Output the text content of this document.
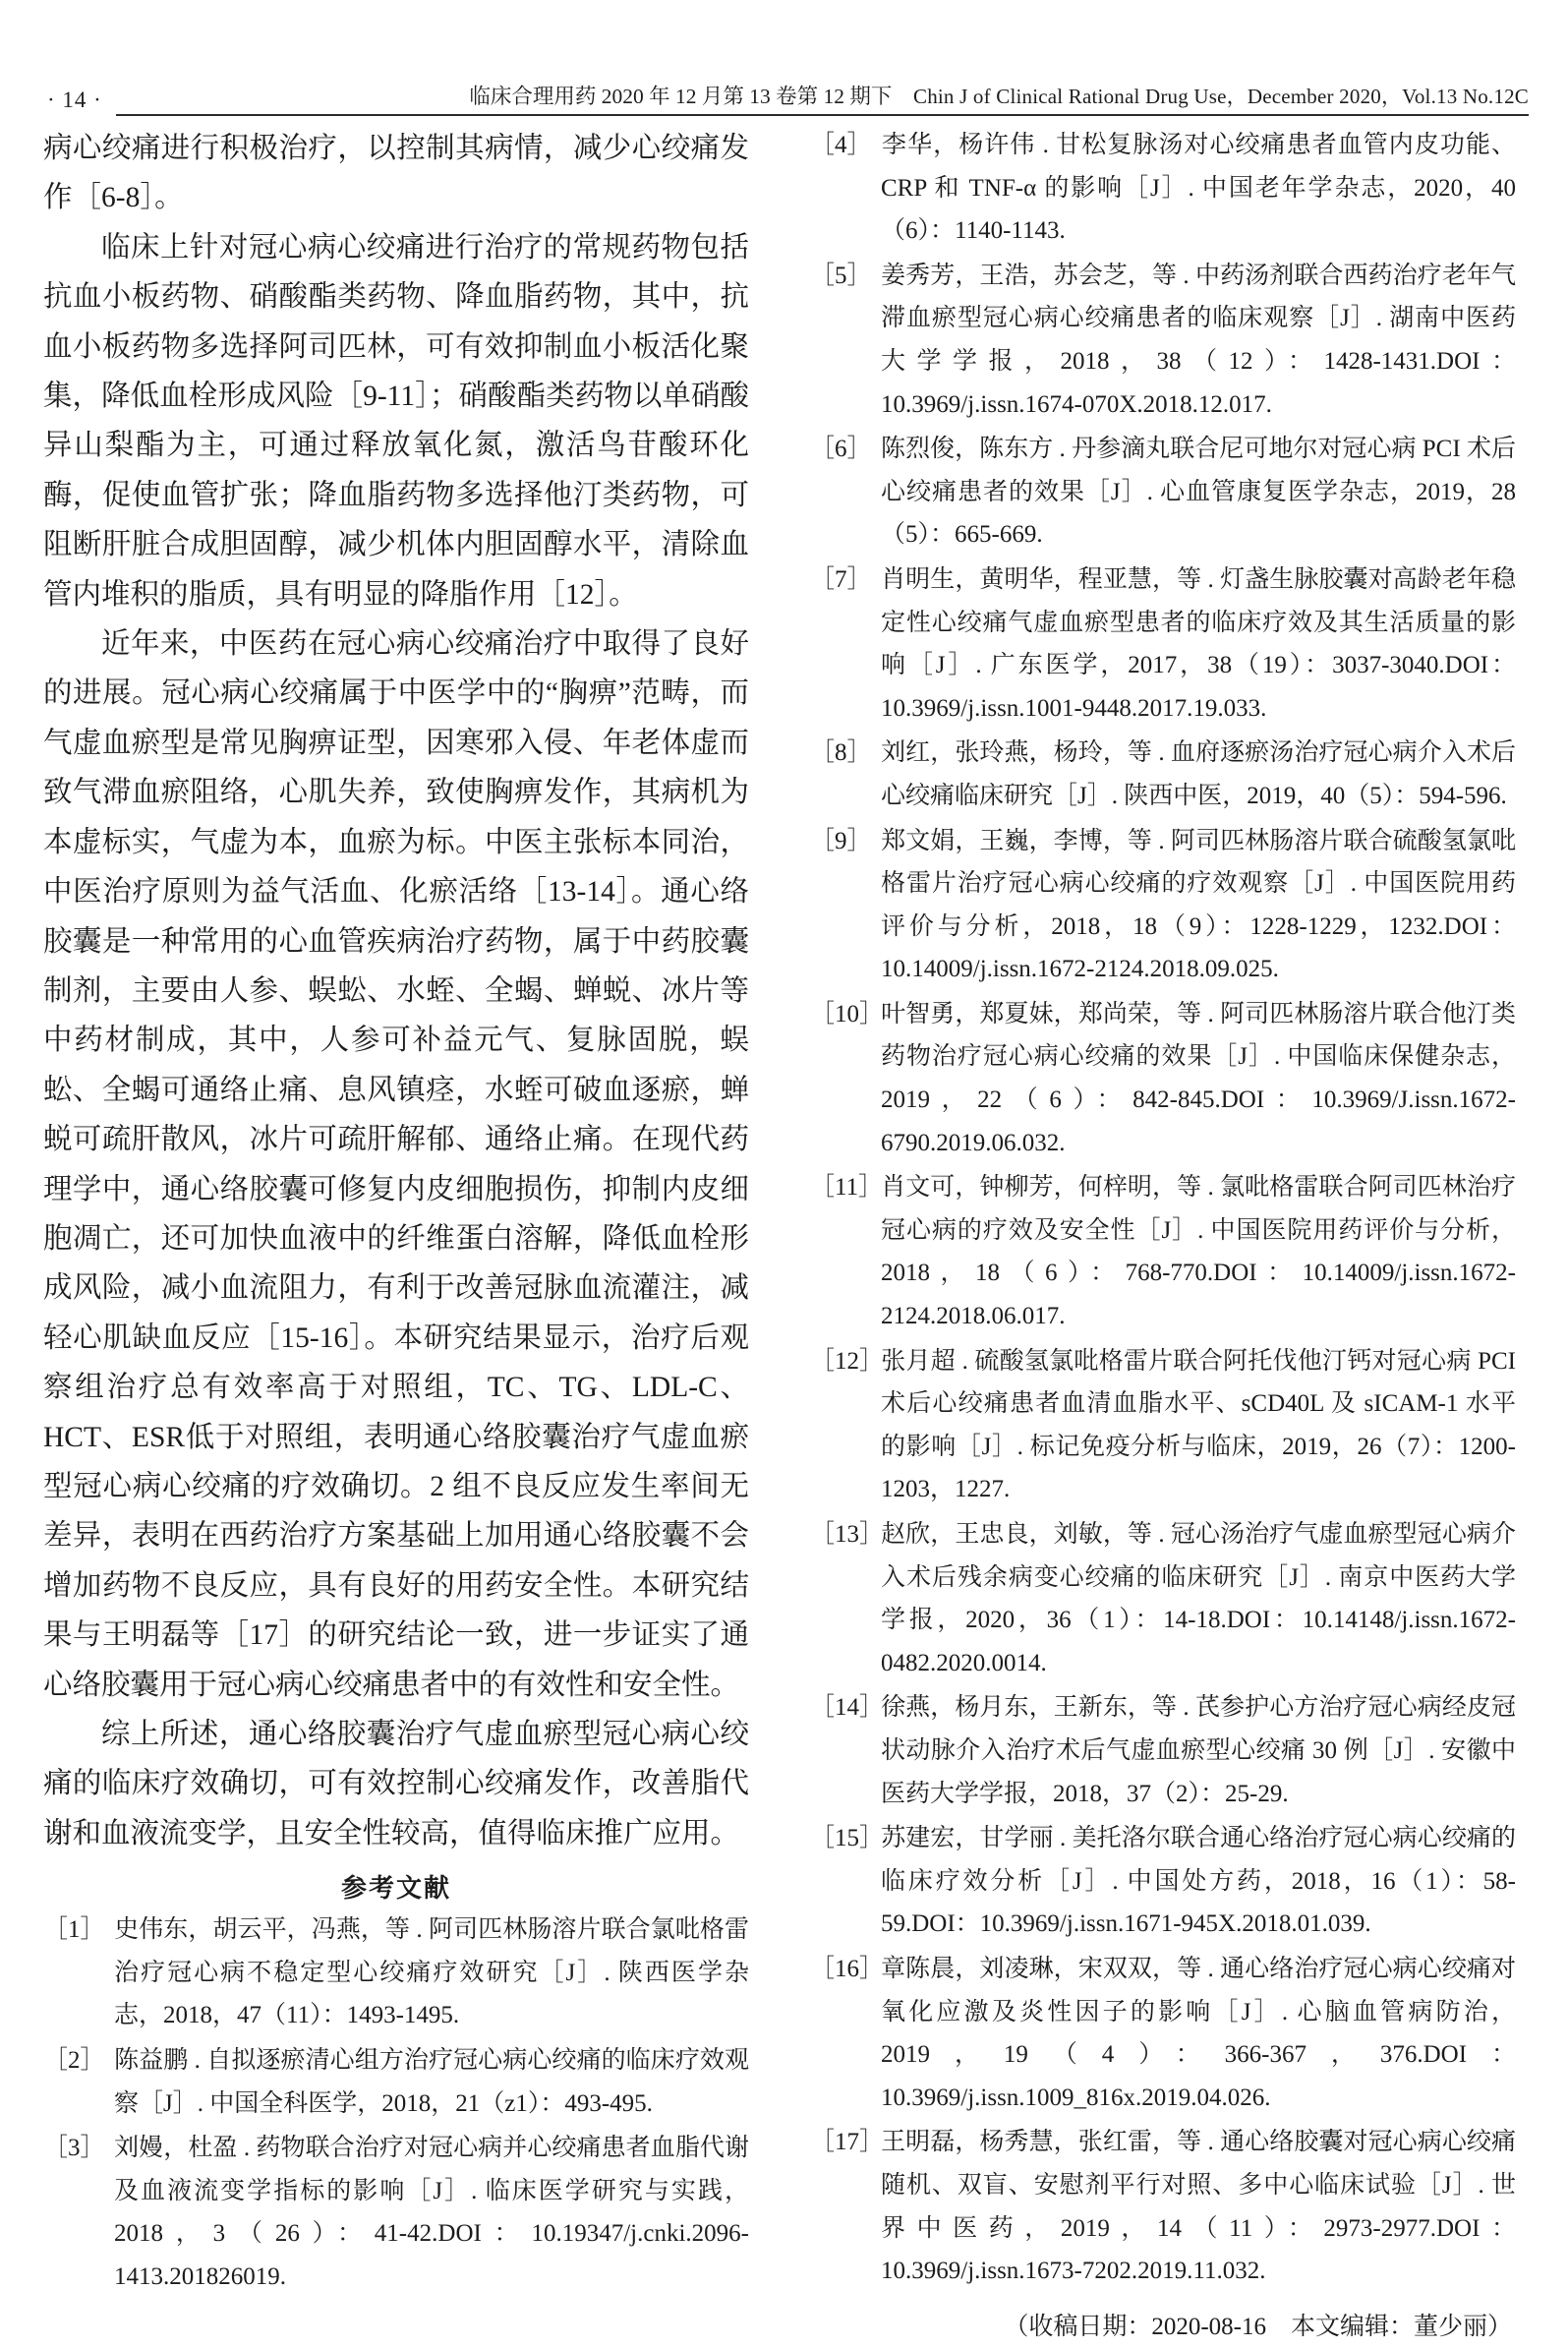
· 14 ·	临床合理用药 2020 年 12 月第 13 卷第 12 期下 Chin J of Clinical Rational Drug Use，December 2020，Vol.13 No.12C

病心绞痛进行积极治疗，以控制其病情，减少心绞痛发作［6-8］。

临床上针对冠心病心绞痛进行治疗的常规药物包括抗血小板药物、硝酸酯类药物、降血脂药物，其中，抗血小板药物多选择阿司匹林，可有效抑制血小板活化聚集，降低血栓形成风险［9-11］；硝酸酯类药物以单硝酸异山梨酯为主，可通过释放氧化氮，激活鸟苷酸环化酶，促使血管扩张；降血脂药物多选择他汀类药物，可阻断肝脏合成胆固醇，减少机体内胆固醇水平，清除血管内堆积的脂质，具有明显的降脂作用［12］。

近年来，中医药在冠心病心绞痛治疗中取得了良好的进展。冠心病心绞痛属于中医学中的“胸痹”范畴，而气虚血瘀型是常见胸痹证型，因寒邪入侵、年老体虚而致气滞血瘀阻络，心肌失养，致使胸痹发作，其病机为本虚标实，气虚为本，血瘀为标。中医主张标本同治，中医治疗原则为益气活血、化瘀活络［13-14］。通心络胶囊是一种常用的心血管疾病治疗药物，属于中药胶囊制剂，主要由人参、蜈蚣、水蛭、全蝎、蝉蜕、冰片等中药材制成，其中，人参可补益元气、复脉固脱，蜈蚣、全蝎可通络止痛、息风镇痉，水蛭可破血逐瘀，蝉蜕可疏肝散风，冰片可疏肝解郁、通络止痛。在现代药理学中，通心络胶囊可修复内皮细胞损伤，抑制内皮细胞凋亡，还可加快血液中的纤维蛋白溶解，降低血栓形成风险，减小血流阻力，有利于改善冠脉血流灌注，减轻心肌缺血反应［15-16］。本研究结果显示，治疗后观察组治疗总有效率高于对照组，TC、TG、LDL-C、HCT、ESR低于对照组，表明通心络胶囊治疗气虚血瘀型冠心病心绞痛的疗效确切。2 组不良反应发生率间无差异，表明在西药治疗方案基础上加用通心络胶囊不会增加药物不良反应，具有良好的用药安全性。本研究结果与王明磊等［17］的研究结论一致，进一步证实了通心络胶囊用于冠心病心绞痛患者中的有效性和安全性。

综上所述，通心络胶囊治疗气虚血瘀型冠心病心绞痛的临床疗效确切，可有效控制心绞痛发作，改善脂代谢和血液流变学，且安全性较高，值得临床推广应用。

参考文献
［1］ 史伟东，胡云平，冯燕，等 . 阿司匹林肠溶片联合氯吡格雷治疗冠心病不稳定型心绞痛疗效研究［J］. 陕西医学杂志，2018，47（11）：1493-1495.
［2］ 陈益鹏 . 自拟逐瘀清心组方治疗冠心病心绞痛的临床疗效观察［J］. 中国全科医学，2018，21（z1）：493-495.
［3］ 刘嫚，杜盈 . 药物联合治疗对冠心病并心绞痛患者血脂代谢及血液流变学指标的影响［J］. 临床医学研究与实践，2018，3（26）：41-42.DOI：10.19347/j.cnki.2096-1413.201826019.
［4］ 李华，杨许伟 . 甘松复脉汤对心绞痛患者血管内皮功能、CRP 和 TNF-α 的影响［J］. 中国老年学杂志，2020，40（6）：1140-1143.
［5］ 姜秀芳，王浩，苏会芝，等 . 中药汤剂联合西药治疗老年气滞血瘀型冠心病心绞痛患者的临床观察［J］. 湖南中医药大学学报，2018，38（12）：1428-1431.DOI：10.3969/j.issn.1674-070X.2018.12.017.
［6］ 陈烈俊，陈东方 . 丹参滴丸联合尼可地尔对冠心病 PCI 术后心绞痛患者的效果［J］. 心血管康复医学杂志，2019，28（5）：665-669.
［7］ 肖明生，黄明华，程亚慧，等 . 灯盏生脉胶囊对高龄老年稳定性心绞痛气虚血瘀型患者的临床疗效及其生活质量的影响［J］. 广东医学，2017，38（19）：3037-3040.DOI：10.3969/j.issn.1001-9448.2017.19.033.
［8］ 刘红，张玲燕，杨玲，等 . 血府逐瘀汤治疗冠心病介入术后心绞痛临床研究［J］. 陕西中医，2019，40（5）：594-596.
［9］ 郑文娟，王巍，李博，等 . 阿司匹林肠溶片联合硫酸氢氯吡格雷片治疗冠心病心绞痛的疗效观察［J］. 中国医院用药评价与分析，2018，18（9）：1228-1229，1232.DOI：10.14009/j.issn.1672-2124.2018.09.025.
［10］叶智勇，郑夏妹，郑尚荣，等 . 阿司匹林肠溶片联合他汀类药物治疗冠心病心绞痛的效果［J］. 中国临床保健杂志，2019，22（6）：842-845.DOI：10.3969/J.issn.1672-6790.2019.06.032.
［11］肖文可，钟柳芳，何梓明，等 . 氯吡格雷联合阿司匹林治疗冠心病的疗效及安全性［J］. 中国医院用药评价与分析，2018，18（6）：768-770.DOI：10.14009/j.issn.1672-2124.2018.06.017.
［12］张月超 . 硫酸氢氯吡格雷片联合阿托伐他汀钙对冠心病 PCI 术后心绞痛患者血清血脂水平、sCD40L 及 sICAM-1 水平的影响［J］. 标记免疫分析与临床，2019，26（7）：1200-1203，1227.
［13］赵欣，王忠良，刘敏，等 . 冠心汤治疗气虚血瘀型冠心病介入术后残余病变心绞痛的临床研究［J］. 南京中医药大学学报，2020，36（1）：14-18.DOI：10.14148/j.issn.1672-0482.2020.0014.
［14］徐燕，杨月东，王新东，等 . 芪参护心方治疗冠心病经皮冠状动脉介入治疗术后气虚血瘀型心绞痛 30 例［J］. 安徽中医药大学学报，2018，37（2）：25-29.
［15］苏建宏，甘学丽 . 美托洛尔联合通心络治疗冠心病心绞痛的临床疗效分析［J］. 中国处方药，2018，16（1）：58-59.DOI：10.3969/j.issn.1671-945X.2018.01.039.
［16］章陈晨，刘凌琳，宋双双，等 . 通心络治疗冠心病心绞痛对氧化应激及炎性因子的影响［J］. 心脑血管病防治，2019，19（4）：366-367，376.DOI：10.3969/j.issn.1009_816x.2019.04.026.
［17］王明磊，杨秀慧，张红雷，等 . 通心络胶囊对冠心病心绞痛随机、双盲、安慰剂平行对照、多中心临床试验［J］. 世界中医药，2019，14（11）：2973-2977.DOI：10.3969/j.issn.1673-7202.2019.11.032.
（收稿日期：2020-08-16　本文编辑：董少丽）
